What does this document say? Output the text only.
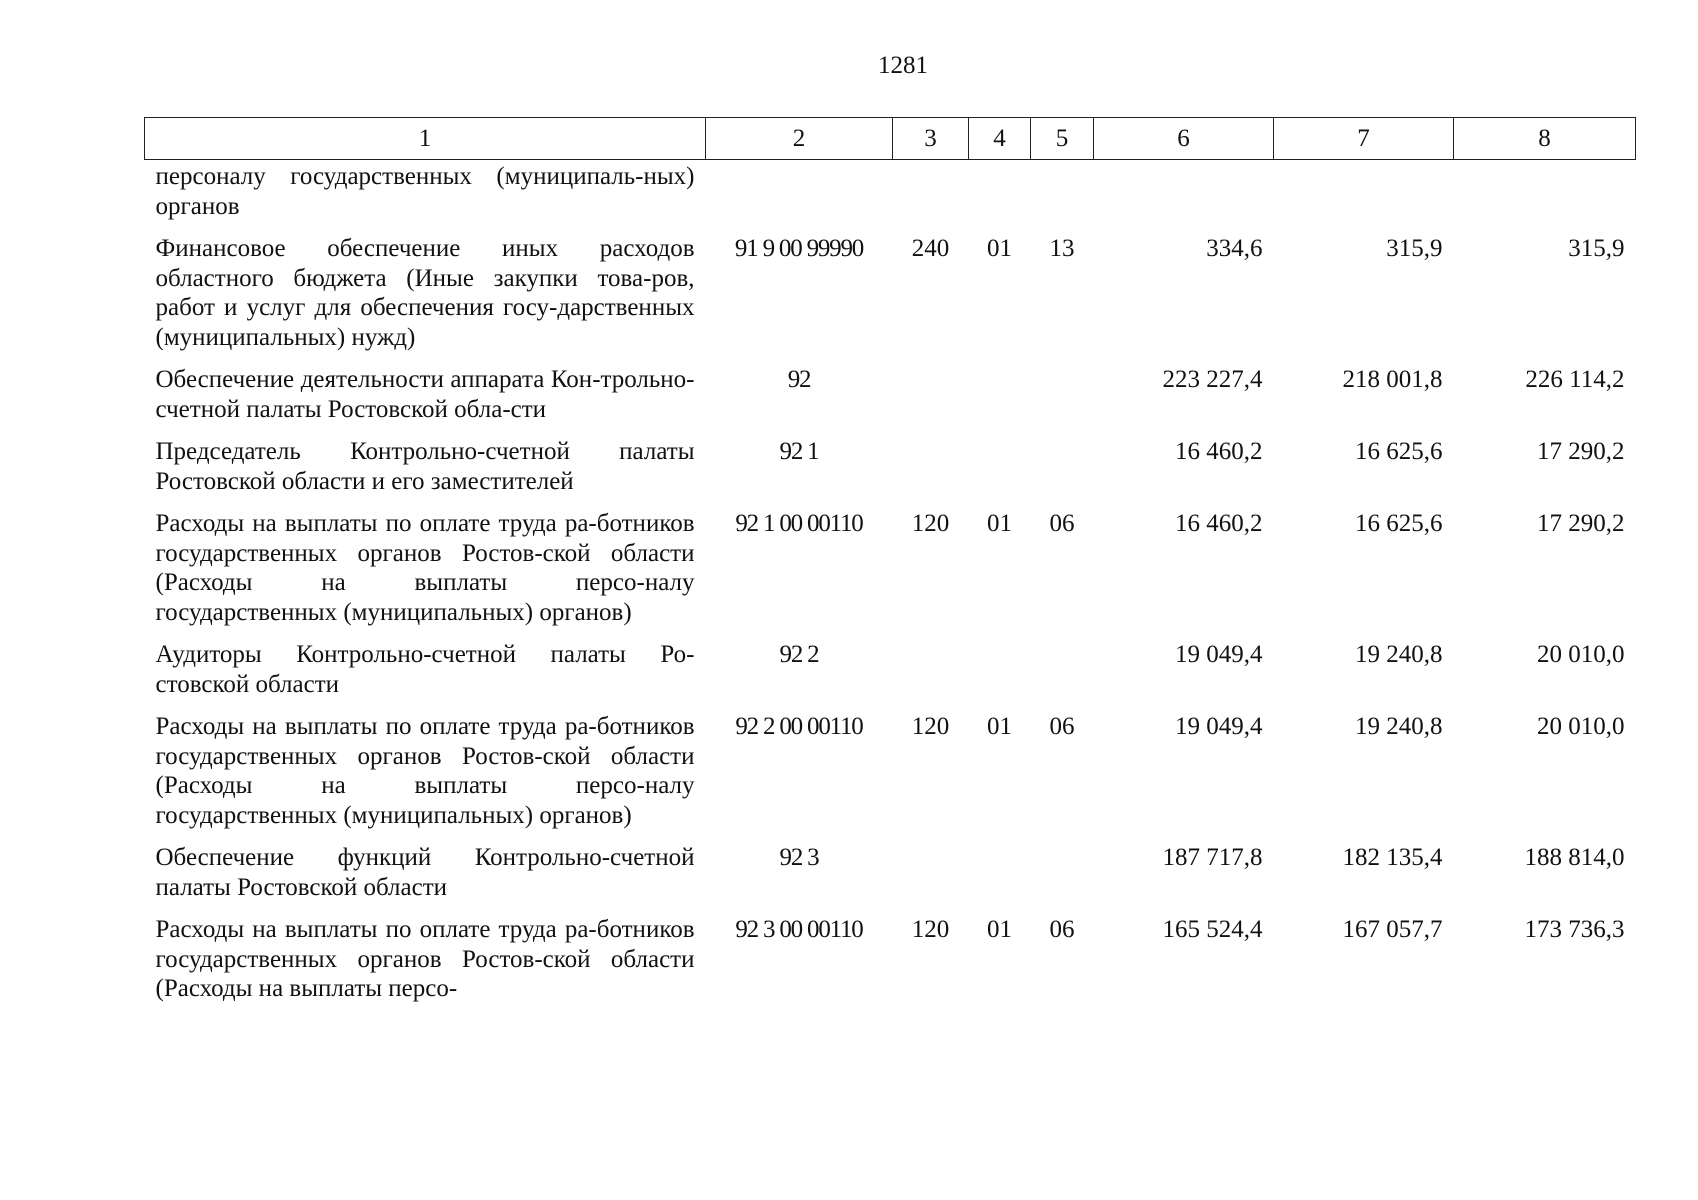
1281
1	2	3	4	5	6	7	8
персоналу государственных (муниципаль-ных) органов							
Финансовое обеспечение иных расходов областного бюджета (Иные закупки това-ров, работ и услуг для обеспечения госу-дарственных (муниципальных) нужд)	91 9 00 99990	240	01	13	334,6	315,9	315,9
Обеспечение деятельности аппарата Кон-трольно-счетной палаты Ростовской обла-сти	92				223 227,4	218 001,8	226 114,2
Председатель Контрольно-счетной палаты Ростовской области и его заместителей	92 1				16 460,2	16 625,6	17 290,2
Расходы на выплаты по оплате труда ра-ботников государственных органов Ростов-ской области (Расходы на выплаты персо-налу государственных (муниципальных) органов)	92 1 00 00110	120	01	06	16 460,2	16 625,6	17 290,2
Аудиторы Контрольно-счетной палаты Ро-стовской области	92 2				19 049,4	19 240,8	20 010,0
Расходы на выплаты по оплате труда ра-ботников государственных органов Ростов-ской области (Расходы на выплаты персо-налу государственных (муниципальных) органов)	92 2 00 00110	120	01	06	19 049,4	19 240,8	20 010,0
Обеспечение функций Контрольно-счетной палаты Ростовской области	92 3				187 717,8	182 135,4	188 814,0
Расходы на выплаты по оплате труда ра-ботников государственных органов Ростов-ской области (Расходы на выплаты персо-	92 3 00 00110	120	01	06	165 524,4	167 057,7	173 736,3
